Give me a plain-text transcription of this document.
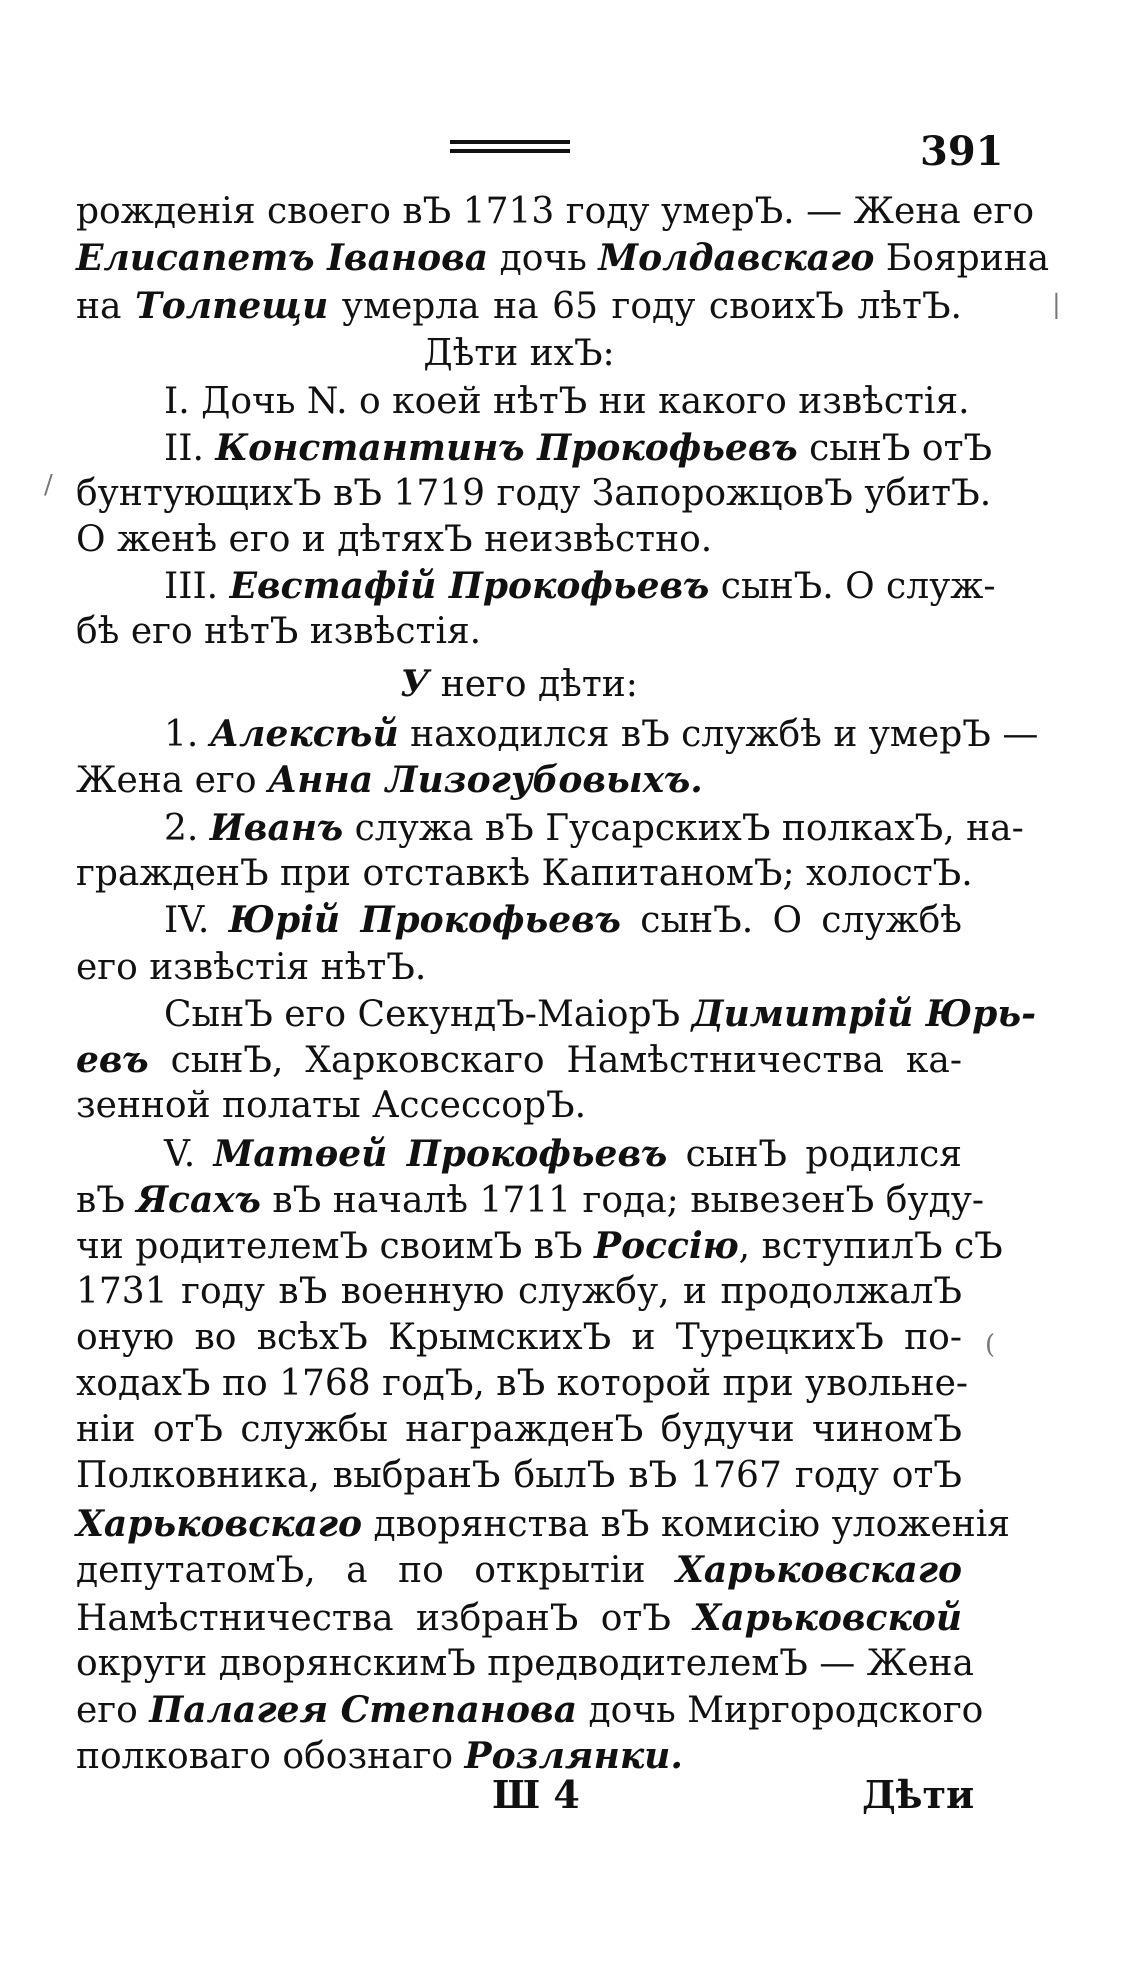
391
рожденія своего вЪ 1713 году умерЪ. — Жена его
Елисапетъ Іванова дочь Молдавскаго Боярина
на Толпещи умерла на 65 году своихЪ лѣтЪ.
Дѣти ихЪ:
I. Дочь N. о коей нѣтЪ ни какого извѣстія.
II. Константинъ Прокофьевъ сынЪ отЪ
бунтующихЪ вЪ 1719 году ЗапорожцовЪ убитЪ.
О женѣ его и дѣтяхЪ неизвѣстно.
III. Евстафій Прокофьевъ сынЪ. О служ-
бѣ его нѣтЪ извѣстія.
У него дѣти:
1. Алексѣй находился вЪ службѣ и умерЪ —
Жена его Анна Лизогубовыхъ.
2. Иванъ служа вЪ ГусарскихЪ полкахЪ, на-
гражденЪ при отставкѣ КапитаномЪ; холостЪ.
IV. Юрій Прокофьевъ сынЪ. О службѣ
его извѣстія нѣтЪ.
СынЪ его СекундЪ-МаіорЪ Димитрій Юрь-
евъ сынЪ, Харковскаго Намѣстничества ка-
зенной полаты АссессорЪ.
V. Матѳей Прокофьевъ сынЪ родился
вЪ Ясахъ вЪ началѣ 1711 года; вывезенЪ буду-
чи родителемЪ своимЪ вЪ Россію, вступилЪ сЪ
1731 году вЪ военную службу, и продолжалЪ
оную во всѣхЪ КрымскихЪ и ТурецкихЪ по-
ходахЪ по 1768 годЪ, вЪ которой при увольне-
ніи отЪ службы награжденЪ будучи чиномЪ
Полковника, выбранЪ былЪ вЪ 1767 году отЪ
Харьковскаго дворянства вЪ комисію уложенія
депутатомЪ, а по открытіи Харьковскаго
Намѣстничества избранЪ отЪ Харьковской
округи дворянскимЪ предводителемЪ — Жена
его Палагея Степанова дочь Миргородского
полковаго обознаго Розлянки.
Ш 4	Дѣти
/
(
|
